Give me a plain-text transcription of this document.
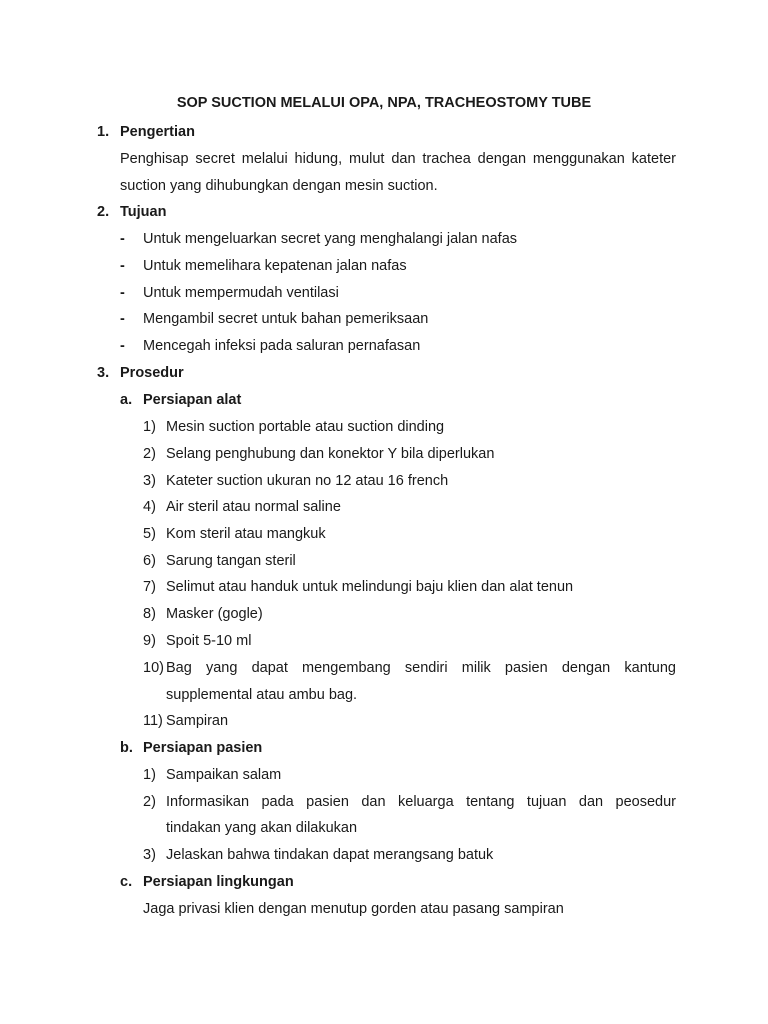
SOP SUCTION MELALUI OPA, NPA, TRACHEOSTOMY TUBE
1. Pengertian
Penghisap secret melalui hidung, mulut dan trachea dengan menggunakan kateter
suction yang dihubungkan dengan mesin suction.
2. Tujuan
- Untuk mengeluarkan secret yang menghalangi jalan nafas
- Untuk memelihara kepatenan jalan nafas
- Untuk mempermudah ventilasi
- Mengambil secret untuk bahan pemeriksaan
- Mencegah infeksi pada saluran pernafasan
3. Prosedur
a. Persiapan alat
1) Mesin suction portable atau suction dinding
2) Selang penghubung dan konektor Y bila diperlukan
3) Kateter suction ukuran no 12 atau 16 french
4) Air steril atau normal saline
5) Kom steril atau mangkuk
6) Sarung tangan steril
7) Selimut atau handuk untuk melindungi baju klien dan alat tenun
8) Masker (gogle)
9) Spoit 5-10 ml
10) Bag yang dapat mengembang sendiri milik pasien dengan kantung
supplemental atau ambu bag.
11) Sampiran
b. Persiapan pasien
1) Sampaikan salam
2) Informasikan pada pasien dan keluarga tentang tujuan dan peosedur
tindakan yang akan dilakukan
3) Jelaskan bahwa tindakan dapat merangsang batuk
c. Persiapan lingkungan
Jaga privasi klien dengan menutup gorden atau pasang sampiran
